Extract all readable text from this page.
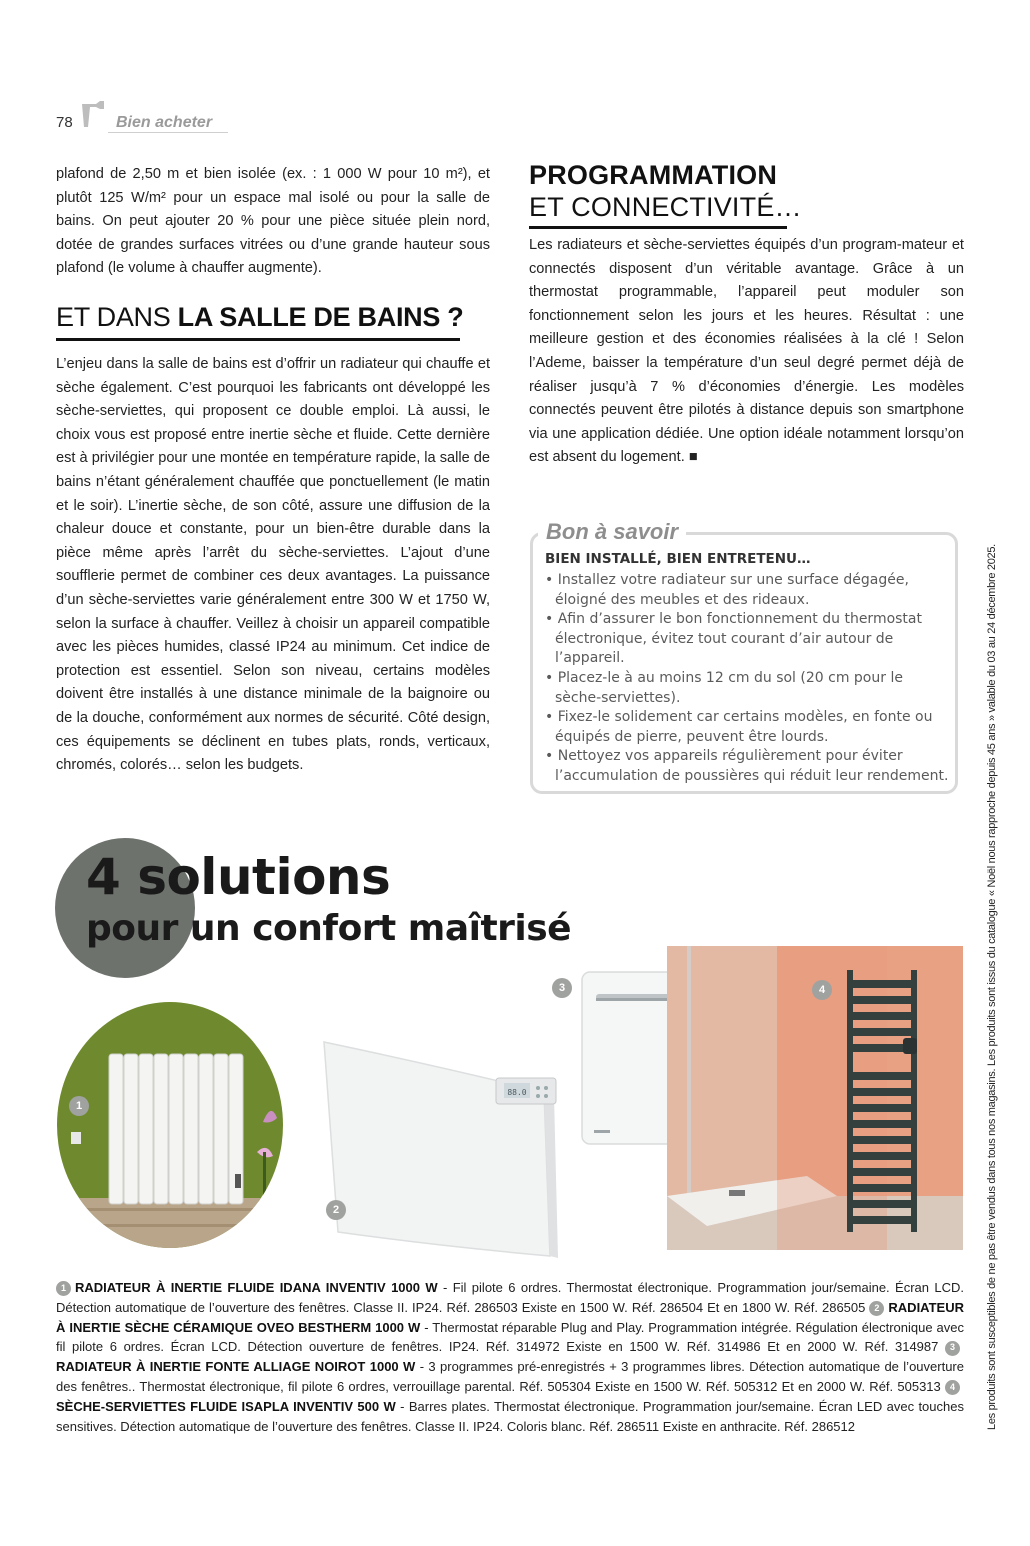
78	Bien acheter

plafond de 2,50 m et bien isolée (ex. : 1 000 W pour 10 m²), et plutôt 125 W/m² pour un espace mal isolé ou pour la salle de bains. On peut ajouter 20 % pour une pièce située plein nord, dotée de grandes surfaces vitrées ou d’une grande hauteur sous plafond (le volume à chauffer augmente).

ET DANS LA SALLE DE BAINS ?

L’enjeu dans la salle de bains est d’offrir un radiateur qui chauffe et sèche également. C’est pourquoi les fabricants ont développé les sèche-serviettes, qui proposent ce double emploi. Là aussi, le choix vous est proposé entre inertie sèche et fluide. Cette dernière est à privilégier pour une montée en température rapide, la salle de bains n’étant généralement chauffée que ponctuellement (le matin et le soir). L’inertie sèche, de son côté, assure une diffusion de la chaleur douce et constante, pour un bien-être durable dans la pièce même après l’arrêt du sèche-serviettes. L’ajout d’une soufflerie permet de combiner ces deux avantages. La puissance d’un sèche-serviettes varie généralement entre 300 W et 1750 W, selon la surface à chauffer. Veillez à choisir un appareil compatible avec les pièces humides, classé IP24 au minimum. Cet indice de protection est essentiel. Selon son niveau, certains modèles doivent être installés à une distance minimale de la baignoire ou de la douche, conformément aux normes de sécurité. Côté design, ces équipements se déclinent en tubes plats, ronds, verticaux, chromés, colorés… selon les budgets.

PROGRAMMATION
ET CONNECTIVITÉ…

Les radiateurs et sèche-serviettes équipés d’un program-mateur et connectés disposent d’un véritable avantage. Grâce à un thermostat programmable, l’appareil peut moduler son fonctionnement selon les jours et les heures. Résultat : une meilleure gestion et des économies réalisées à la clé ! Selon l’Ademe, baisser la température d’un seul degré permet déjà de réaliser jusqu’à 7 % d’économies d’énergie. Les modèles connectés peuvent être pilotés à distance depuis son smartphone via une application dédiée. Une option idéale notamment lorsqu’on est absent du logement. ■

Bon à savoir
BIEN INSTALLÉ, BIEN ENTRETENU…
• Installez votre radiateur sur une surface dégagée, éloigné des meubles et des rideaux.
• Afin d’assurer le bon fonctionnement du thermostat électronique, évitez tout courant d’air autour de l’appareil.
• Placez-le à au moins 12 cm du sol (20 cm pour le sèche-serviettes).
• Fixez-le solidement car certains modèles, en fonte ou équipés de pierre, peuvent être lourds.
• Nettoyez vos appareils régulièrement pour éviter l’accumulation de poussières qui réduit leur rendement.
4 solutions
pour un confort maîtrisé
1
88.0
2
3	4

1 RADIATEUR À INERTIE FLUIDE IDANA INVENTIV 1000 W - Fil pilote 6 ordres. Thermostat électronique. Programmation jour/semaine. Écran LCD. Détection automatique de l’ouverture des fenêtres. Classe II. IP24. Réf. 286503 Existe en 1500 W. Réf. 286504 Et en 1800 W. Réf. 286505 2 RADIATEUR À INERTIE SÈCHE CÉRAMIQUE OVEO BESTHERM 1000 W - Thermostat réparable Plug and Play. Programmation intégrée. Régulation électronique avec fil pilote 6 ordres. Écran LCD. Détection ouverture de fenêtres. IP24. Réf. 314972 Existe en 1500 W. Réf. 314986 Et en 2000 W. Réf. 314987 3RADIATEUR À INERTIE FONTE ALLIAGE NOIROT 1000 W - 3 programmes pré-enregistrés + 3 programmes libres. Détection automatique de l’ouverture des fenêtres.. Thermostat électronique, fil pilote 6 ordres, verrouillage parental. Réf. 505304 Existe en 1500 W. Réf. 505312 Et en 2000 W. Réf. 505313 4SÈCHE-SERVIETTES FLUIDE ISAPLA INVENTIV 500 W - Barres plates. Thermostat électronique. Programmation jour/semaine. Écran LED avec touches sensitives. Détection automatique de l’ouverture des fenêtres. Classe II. IP24. Coloris blanc. Réf. 286511 Existe en anthracite. Réf. 286512	Les produits sont susceptibles de ne pas être vendus dans tous nos magasins. Les produits sont issus du catalogue « Noël nous rapproche depuis 45 ans » valable du 03 au 24 décembre 2025.
